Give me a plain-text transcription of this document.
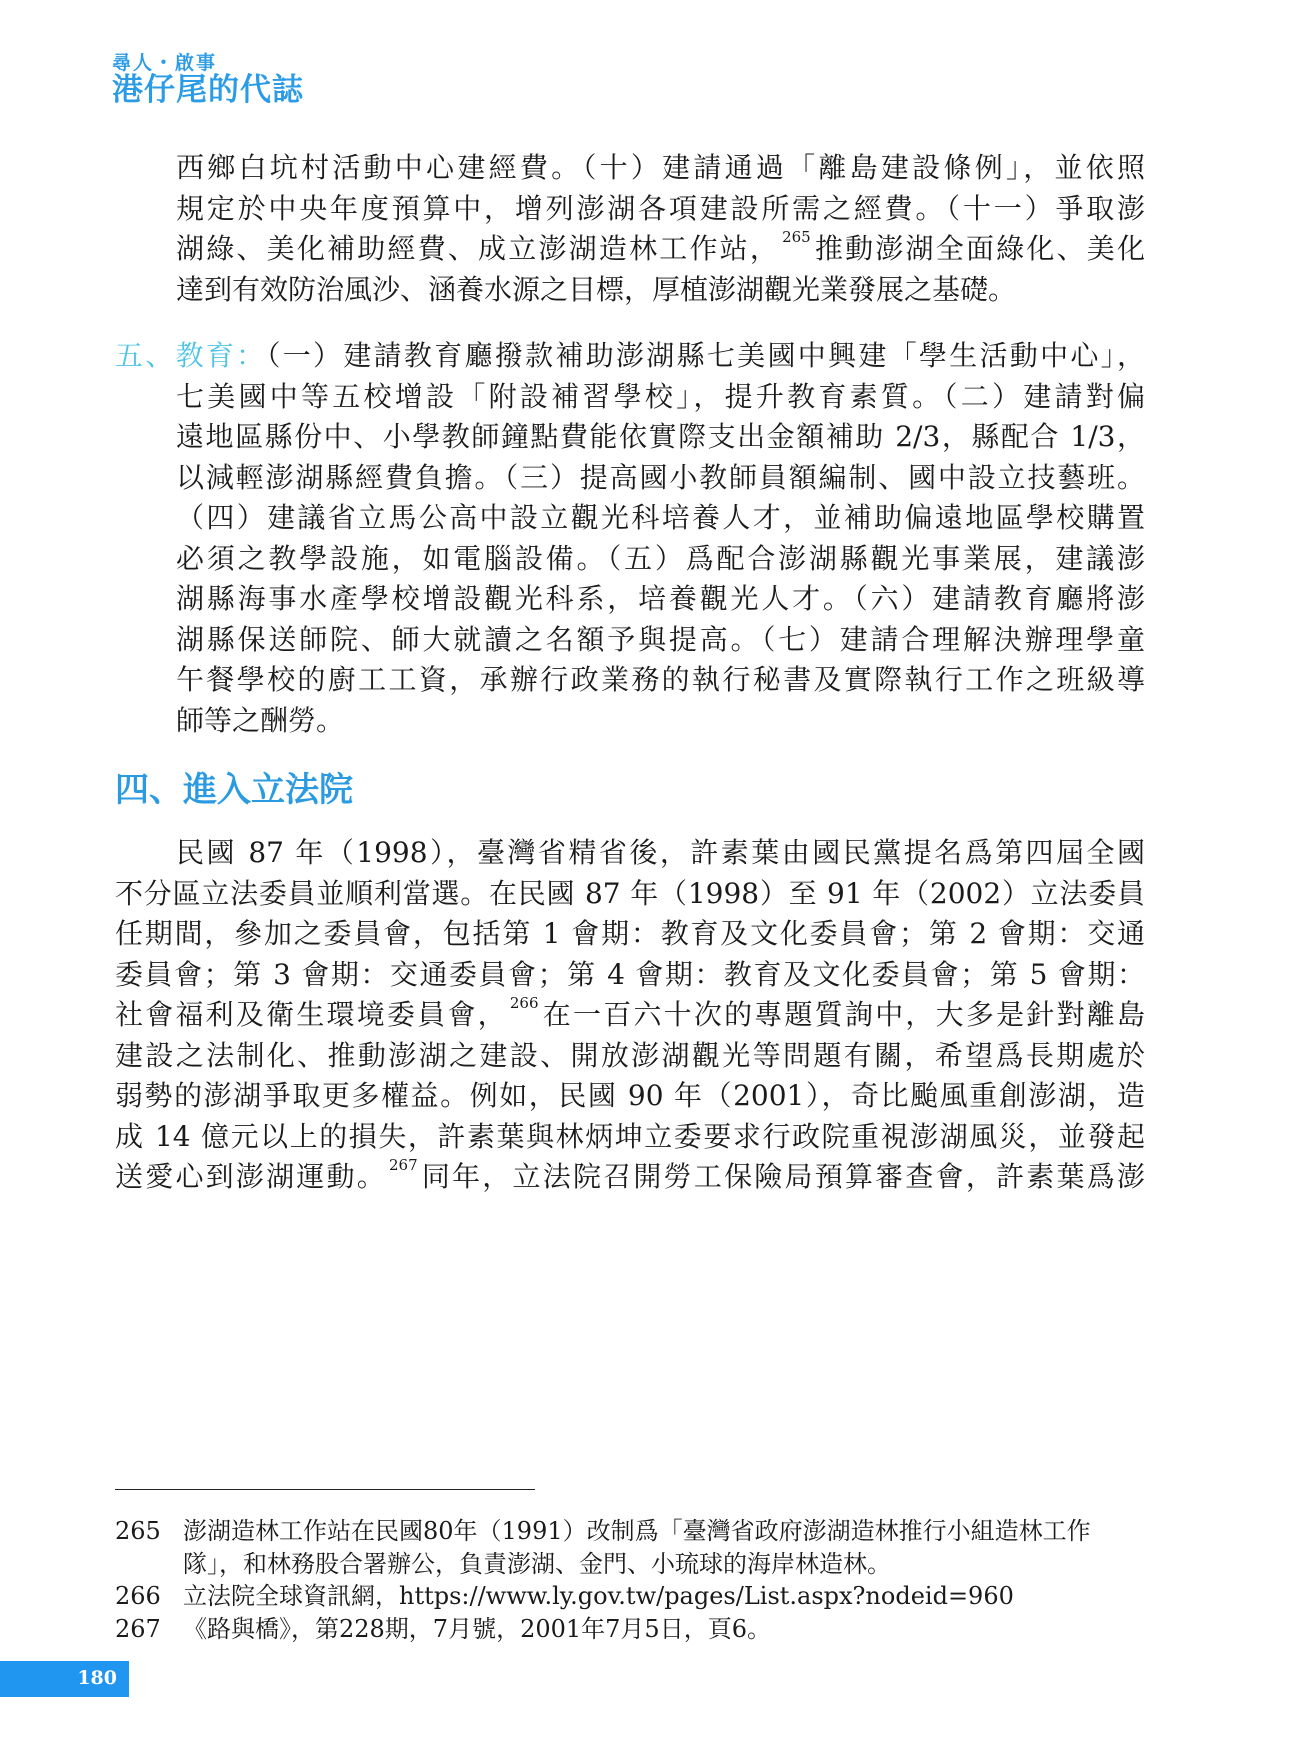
尋人・啟事
港仔尾的代誌
西鄉白坑村活動中心建經費。（十）建請通過「離島建設條例」，並依照
規定於中央年度預算中，增列澎湖各項建設所需之經費。（十一）爭取澎
湖綠、美化補助經費、成立澎湖造林工作站， $^{265}$推動澎湖全面綠化、美化
達到有效防治風沙、涵養水源之目標，厚植澎湖觀光業發展之基礎。
五、教育：（一）建請教育廳撥款補助澎湖縣七美國中興建「學生活動中心」，
七美國中等五校增設「附設補習學校」，提升教育素質。（二）建請對偏
遠地區縣份中、小學教師鐘點費能依實際支出金額補助 2/3，縣配合 1/3，
以減輕澎湖縣經費負擔。（三）提高國小教師員額編制、國中設立技藝班。
（四）建議省立馬公高中設立觀光科培養人才，並補助偏遠地區學校購置
必須之教學設施，如電腦設備。（五）爲配合澎湖縣觀光事業展，建議澎
湖縣海事水產學校增設觀光科系，培養觀光人才。（六）建請教育廳將澎
湖縣保送師院、師大就讀之名額予與提高。（七）建請合理解決辦理學童
午餐學校的廚工工資，承辦行政業務的執行秘書及實際執行工作之班級導
師等之酬勞。
民國 87 年（1998），臺灣省精省後，許素葉由國民黨提名爲第四屆全國
不分區立法委員並順利當選。在民國 87 年（1998）至 91 年（2002）立法委員
任期間，參加之委員會，包括第 1 會期：教育及文化委員會；第 2 會期：交通
委員會；第 3 會期：交通委員會；第 4 會期：教育及文化委員會；第 5 會期：
社會福利及衛生環境委員會， $^{266}$在一百六十次的專題質詢中，大多是針對離島
建設之法制化、推動澎湖之建設、開放澎湖觀光等問題有關，希望爲長期處於
弱勢的澎湖爭取更多權益。例如，民國 90 年（2001），奇比颱風重創澎湖，造
成 14 億元以上的損失，許素葉與林炳坤立委要求行政院重視澎湖風災，並發起
送愛心到澎湖運動。 $^{267}$同年，立法院召開勞工保險局預算審查會，許素葉爲澎
四、進入立法院
265 澎湖造林工作站在民國80年（1991）改制爲「臺灣省政府澎湖造林推行小組造林工作
隊」，和林務股合署辦公，負責澎湖、金門、小琉球的海岸林造林。
266 立法院全球資訊網，https://www.ly.gov.tw/pages/List.aspx?nodeid=960
267 《路與橋》，第228期，7月號，2001年7月5日，頁6。
180
